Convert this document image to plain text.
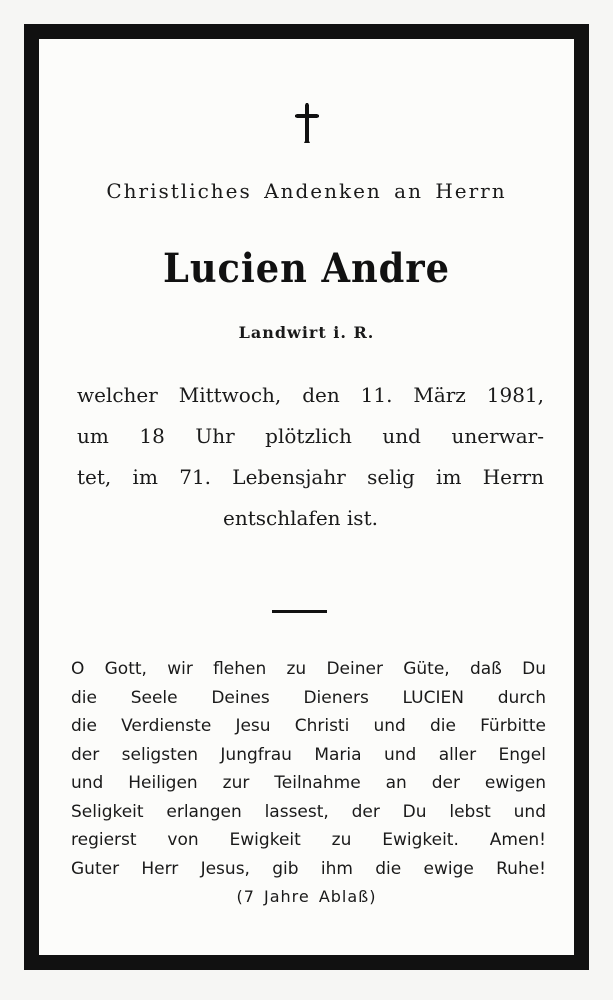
Christliches Andenken an Herrn
Lucien Andre
Landwirt i. R.
welcher Mittwoch, den 11. März 1981,
um 18 Uhr plötzlich und unerwar-
tet, im 71. Lebensjahr selig im Herrn
entschlafen ist.
O Gott, wir flehen zu Deiner Güte, daß Du
die Seele Deines Dieners LUCIEN durch
die Verdienste Jesu Christi und die Fürbitte
der seligsten Jungfrau Maria und aller Engel
und Heiligen zur Teilnahme an der ewigen
Seligkeit erlangen lassest, der Du lebst und
regierst von Ewigkeit zu Ewigkeit. Amen!
Guter Herr Jesus, gib ihm die ewige Ruhe!
(7 Jahre Ablaß)
